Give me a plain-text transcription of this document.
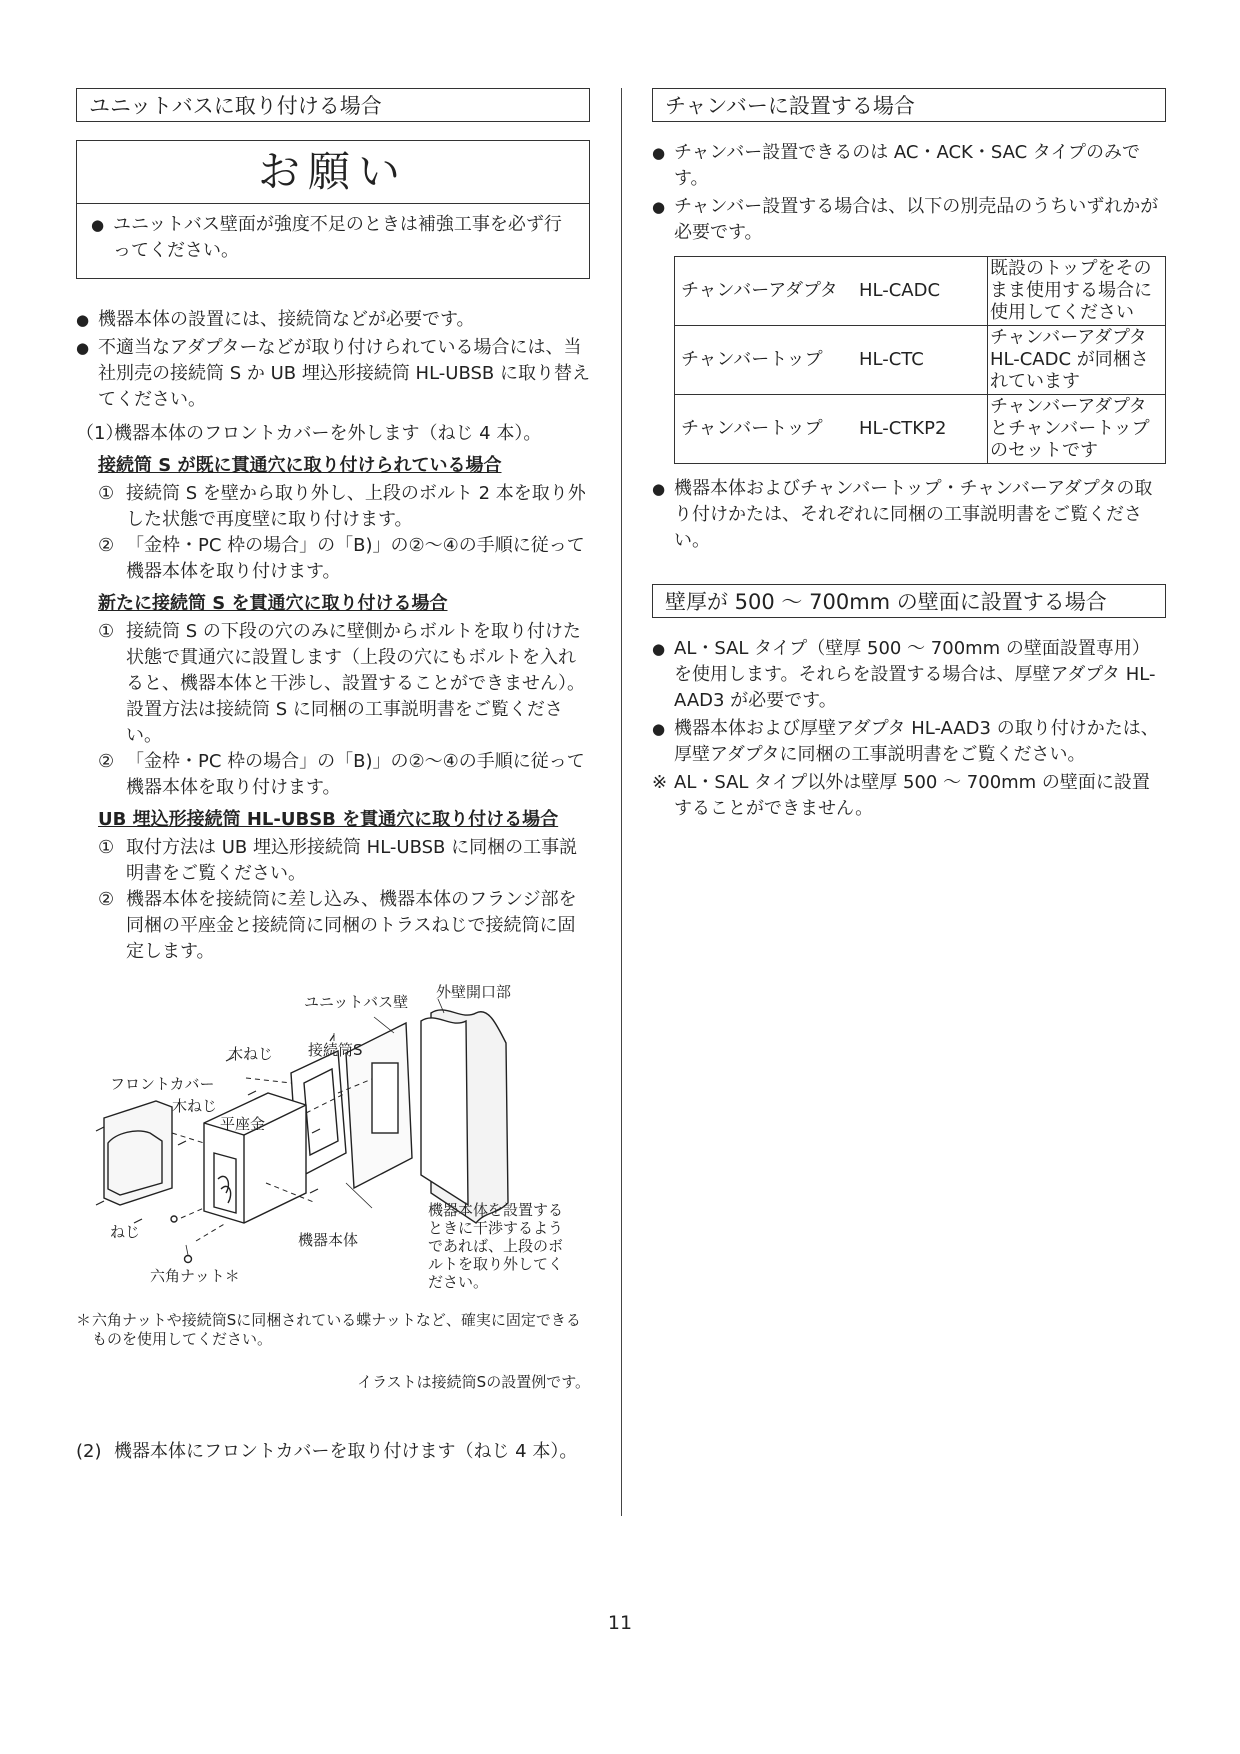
ユニットバスに取り付ける場合
お願い
● ユニットバス壁面が強度不足のときは補強工事を必ず行ってください。
● 機器本体の設置には、接続筒などが必要です。
● 不適当なアダプターなどが取り付けられている場合には、当社別売の接続筒 S か UB 埋込形接続筒 HL-UBSB に取り替えてください。
（1）
機器本体のフロントカバーを外します（ねじ 4 本）。
接続筒 S が既に貫通穴に取り付けられている場合
① 接続筒 S を壁から取り外し、上段のボルト 2 本を取り外した状態で再度壁に取り付けます。
② 「金枠・PC 枠の場合」の「B)」の②～④の手順に従って機器本体を取り付けます。
新たに接続筒 S を貫通穴に取り付ける場合
① 接続筒 S の下段の穴のみに壁側からボルトを取り付けた状態で貫通穴に設置します（上段の穴にもボルトを入れると、機器本体と干渉し、設置することができません）。設置方法は接続筒 S に同梱の工事説明書をご覧ください。
② 「金枠・PC 枠の場合」の「B)」の②～④の手順に従って機器本体を取り付けます。
UB 埋込形接続筒 HL-UBSB を貫通穴に取り付ける場合
① 取付方法は UB 埋込形接続筒 HL-UBSB に同梱の工事説明書をご覧ください。
② 機器本体を接続筒に差し込み、機器本体のフランジ部を同梱の平座金と接続筒に同梱のトラスねじで接続筒に固定します。
ユニットバス壁
外壁開口部
接続筒S
木ねじ
フロントカバー
木ねじ
平座金
ねじ	機器本体
六角ナット＊
機器本体を設置するときに干渉するようであれば、上段のボルトを取り外してください。
＊ 六角ナットや接続筒Sに同梱されている蝶ナットなど、確実に固定できるものを使用してください。
イラストは接続筒Sの設置例です。
(2) 機器本体にフロントカバーを取り付けます（ねじ 4 本）。
チャンバーに設置する場合
● チャンバー設置できるのは AC・ACK・SAC タイプのみです。
● チャンバー設置する場合は、以下の別売品のうちいずれかが必要です。
チャンバーアダプタ HL-CADC	既設のトップをそのまま使用する場合に使用してください
チャンバートップ HL-CTC	チャンバーアダプタ HL-CADC が同梱されています
チャンバートップ HL-CTKP2	チャンバーアダプタとチャンバートップのセットです
● 機器本体およびチャンバートップ・チャンバーアダプタの取り付けかたは、それぞれに同梱の工事説明書をご覧ください。
壁厚が 500 ～ 700mm の壁面に設置する場合
● AL・SAL タイプ（壁厚 500 ～ 700mm の壁面設置専用）を使用します。それらを設置する場合は、厚壁アダプタ HL-AAD3 が必要です。
● 機器本体および厚壁アダプタ HL-AAD3 の取り付けかたは、厚壁アダプタに同梱の工事説明書をご覧ください。
※ AL・SAL タイプ以外は壁厚 500 ～ 700mm の壁面に設置することができません。
11
